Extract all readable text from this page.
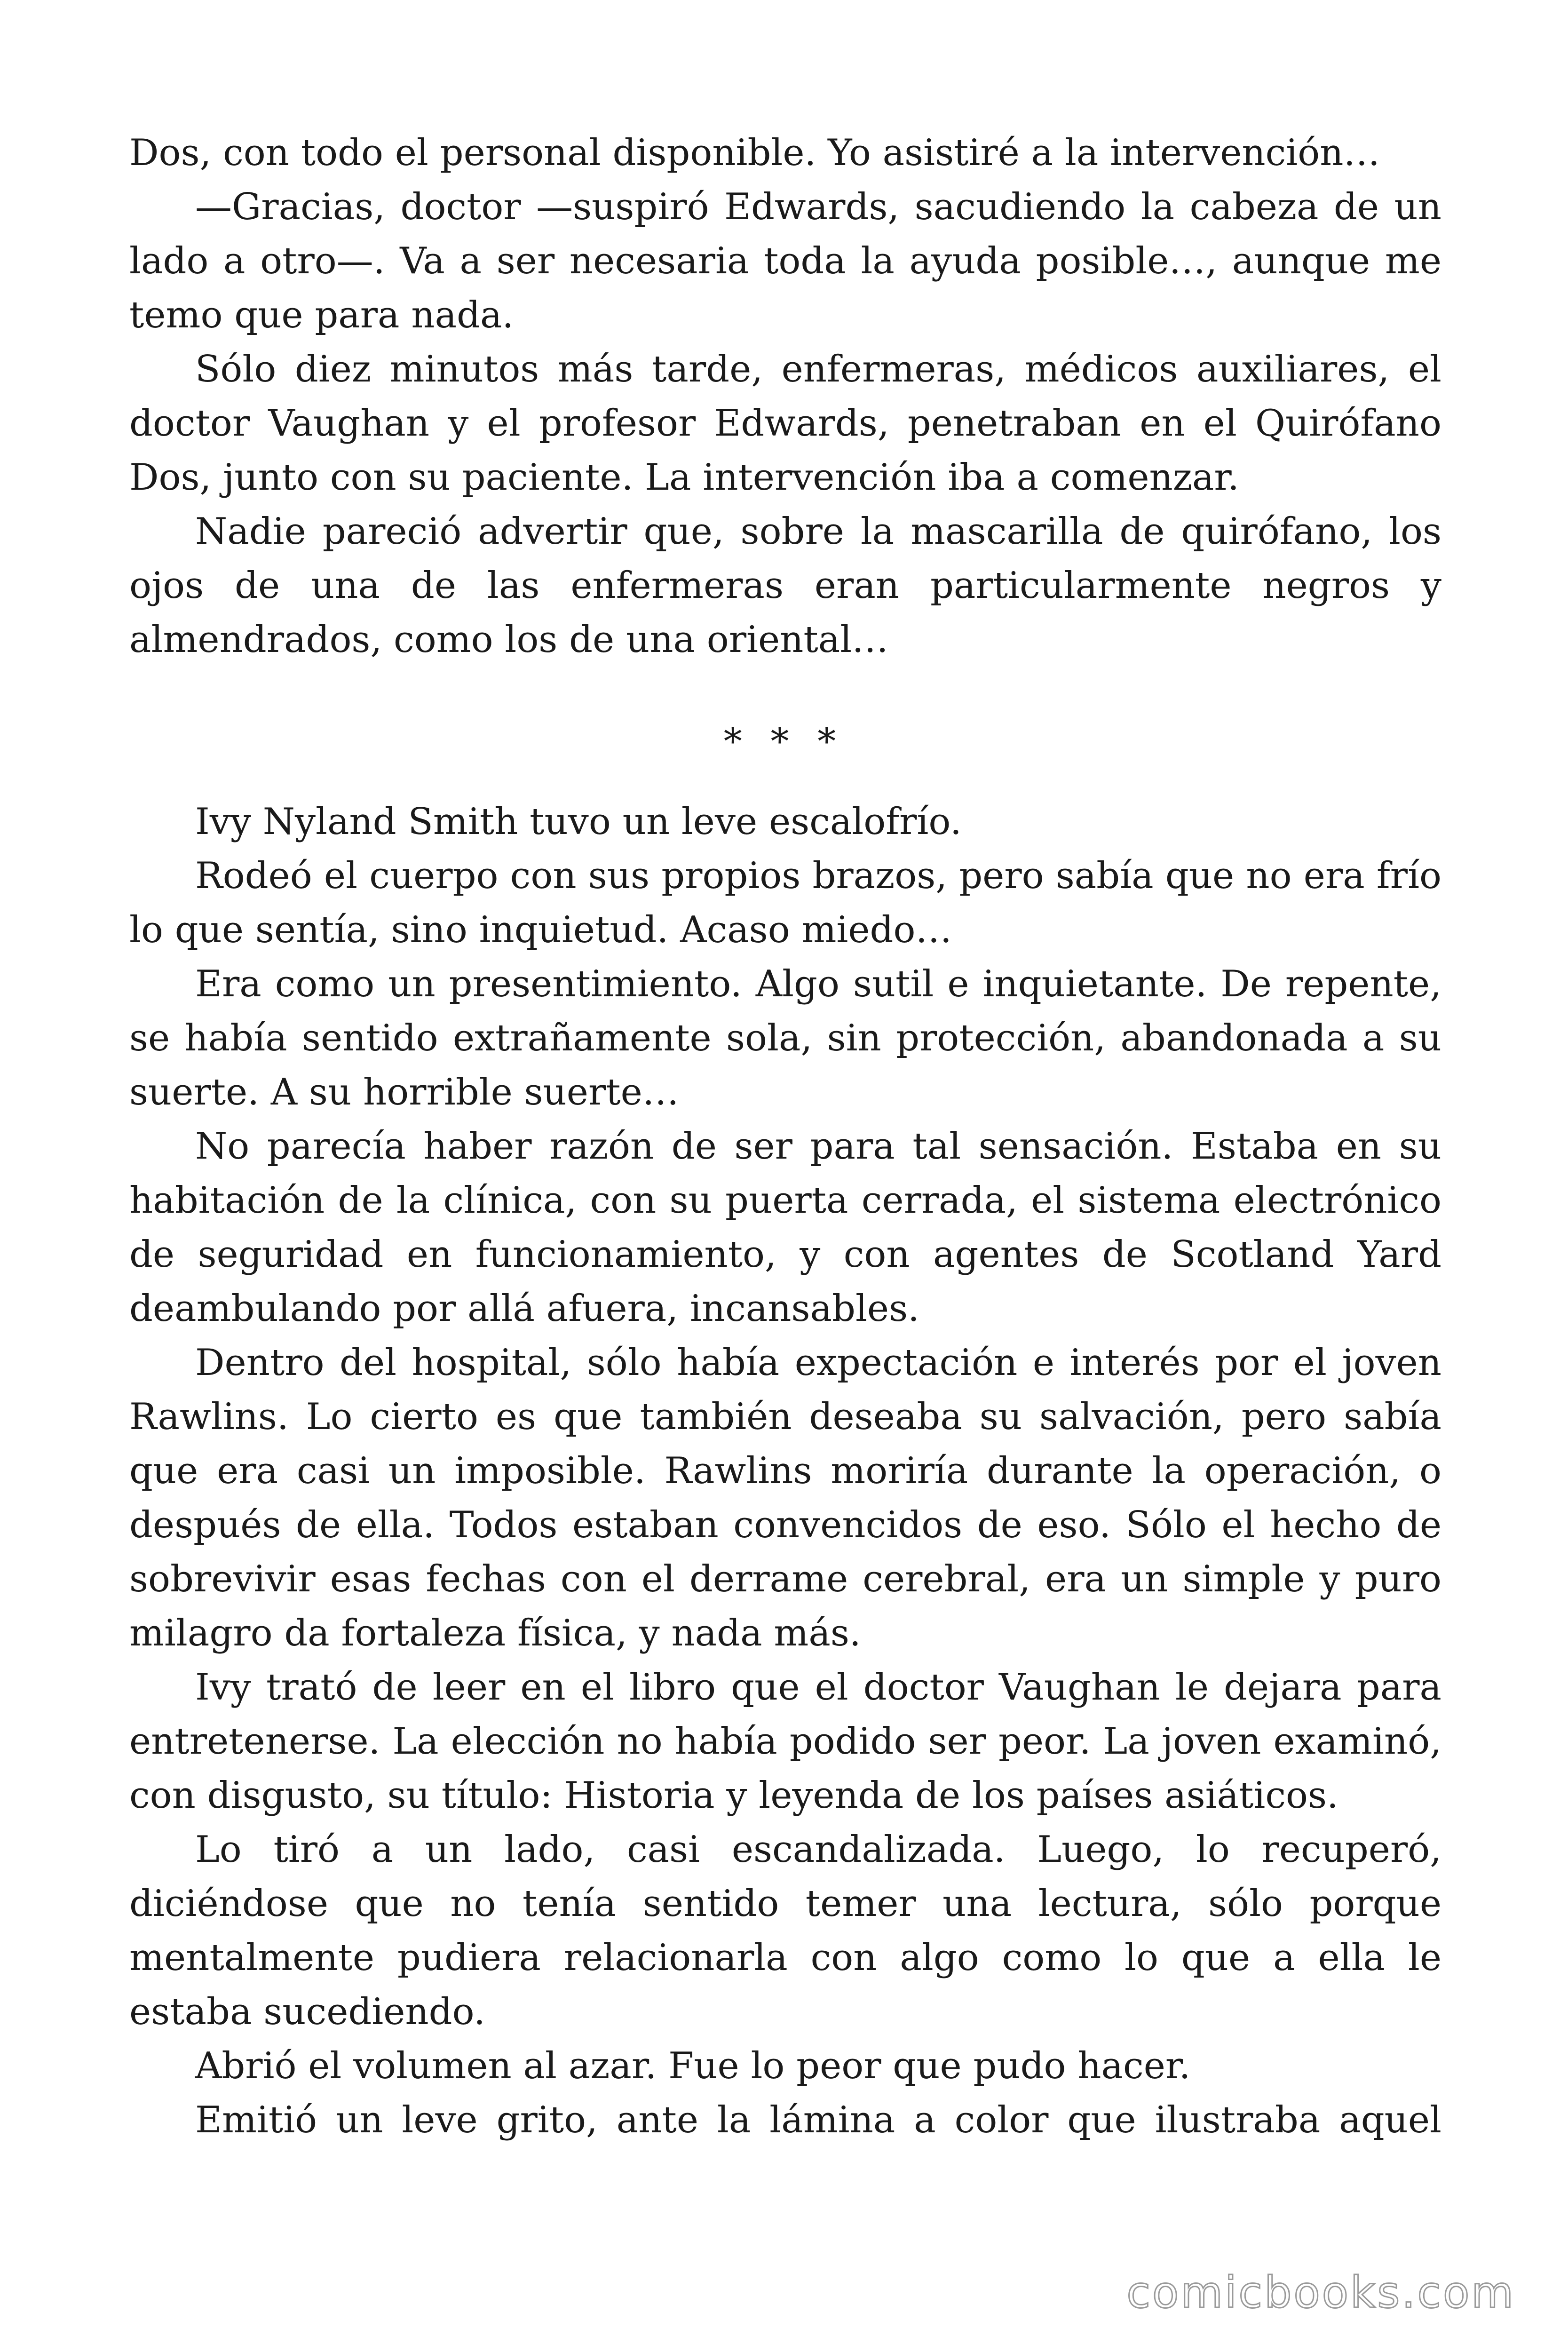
Dos, con todo el personal disponible. Yo asistiré a la intervención…

—Gracias, doctor —suspiró Edwards, sacudiendo la cabeza de un lado a otro—. Va a ser necesaria toda la ayuda posible…, aunque me temo que para nada.

Sólo diez minutos más tarde, enfermeras, médicos auxiliares, el doctor Vaughan y el profesor Edwards, penetraban en el Quirófano Dos, junto con su paciente. La intervención iba a comenzar.

Nadie pareció advertir que, sobre la mascarilla de quirófano, los ojos de una de las enfermeras eran particularmente negros y almendrados, como los de una oriental…

* * *

Ivy Nyland Smith tuvo un leve escalofrío.

Rodeó el cuerpo con sus propios brazos, pero sabía que no era frío lo que sentía, sino inquietud. Acaso miedo…

Era como un presentimiento. Algo sutil e inquietante. De repente, se había sentido extrañamente sola, sin protección, abandonada a su suerte. A su horrible suerte…

No parecía haber razón de ser para tal sensación. Estaba en su habitación de la clínica, con su puerta cerrada, el sistema electrónico de seguridad en funcionamiento, y con agentes de Scotland Yard deambulando por allá afuera, incansables.

Dentro del hospital, sólo había expectación e interés por el joven Rawlins. Lo cierto es que también deseaba su salvación, pero sabía que era casi un imposible. Rawlins moriría durante la operación, o después de ella. Todos estaban convencidos de eso. Sólo el hecho de sobrevivir esas fechas con el derrame cerebral, era un simple y puro milagro da fortaleza física, y nada más.

Ivy trató de leer en el libro que el doctor Vaughan le dejara para entretenerse. La elección no había podido ser peor. La joven examinó, con disgusto, su título: Historia y leyenda de los países asiáticos.

Lo tiró a un lado, casi escandalizada. Luego, lo recuperó, diciéndose que no tenía sentido temer una lectura, sólo porque mentalmente pudiera relacionarla con algo como lo que a ella le estaba sucediendo.

Abrió el volumen al azar. Fue lo peor que pudo hacer.

Emitió un leve grito, ante la lámina a color que ilustraba aquel

comicbooks.com
